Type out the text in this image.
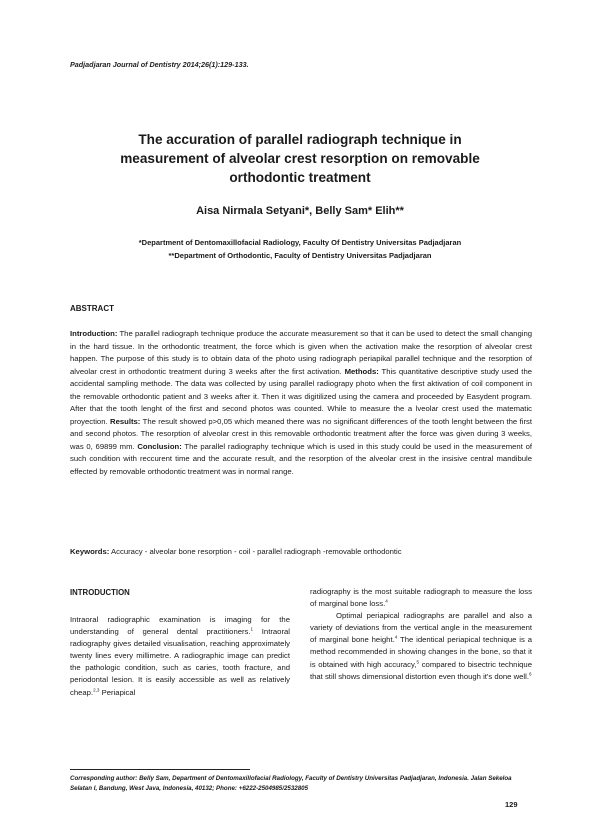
Padjadjaran Journal of Dentistry 2014;26(1):129-133.
The accuration of parallel radiograph technique in
measurement of alveolar crest resorption on removable
orthodontic treatment
Aisa Nirmala Setyani*, Belly Sam* Elih**
*Department of Dentomaxillofacial Radiology, Faculty Of Dentistry Universitas Padjadjaran
**Department of Orthodontic, Faculty of Dentistry Universitas Padjadjaran
ABSTRACT
Introduction: The parallel radiograph technique produce the accurate measurement so that it can be used to detect the small changing in the hard tissue. In the orthodontic treatment, the force which is given when the activation make the resorption of alveolar crest happen. The purpose of this study is to obtain data of the photo using radiograph periapikal parallel technique and the resorption of alveolar crest in orthodontic treatment during 3 weeks after the first activation. Methods: This quantitative descriptive study used the accidental sampling methode. The data was collected by using parallel radiograpy photo when the first aktivation of coil component in the removable orthodontic patient and 3 weeks after it. Then it was digitilized using the camera and proceeded by Easydent program. After that the tooth lenght of the first and second photos was counted. While to measure the a lveolar crest used the matematic proyection. Results: The result showed p>0,05 which meaned there was no significant differences of the tooth lenght between the first and second photos. The resorption of alveolar crest in this removable orthodontic treatment after the force was given during 3 weeks, was 0, 69899 mm. Conclusion: The parallel radiography technique which is used in this study could be used in the measurement of such condition with reccurent time and the accurate result, and the resorption of the alveolar crest in the insisive central mandibule effected by removable orthodontic treatment was in normal range.
Keywords: Accuracy - alveolar bone resorption - coil - parallel radiograph -removable orthodontic
INTRODUCTION

Intraoral radiographic examination is imaging for the understanding of general dental practitioners.$^1$ Intraoral radiography gives detailed visualisation, reaching approximately twenty lines every millimetre. A radiographic image can predict the pathologic condition, such as caries, tooth fracture, and periodontal lesion. It is easily accessible as well as relatively cheap.$^{2,3}$ Periapical

radiography is the most suitable radiograph to measure the loss of marginal bone loss.$^4$

Optimal periapical radiographs are parallel and also a variety of deviations from the vertical angle in the measurement of marginal bone height.$^4$ The identical periapical technique is a method recommended in showing changes in the bone, so that it is obtained with high accuracy,$^5$ compared to bisectric technique that still shows dimensional distortion even though it's done well.$^6$

Corresponding author: Belly Sam, Department of Dentomaxillofacial Radiology, Faculty of Dentistry Universitas Padjadjaran, Indonesia. Jalan Sekeloa Selatan I, Bandung, West Java, Indonesia, 40132; Phone: +6222-2504985/2532805
129
